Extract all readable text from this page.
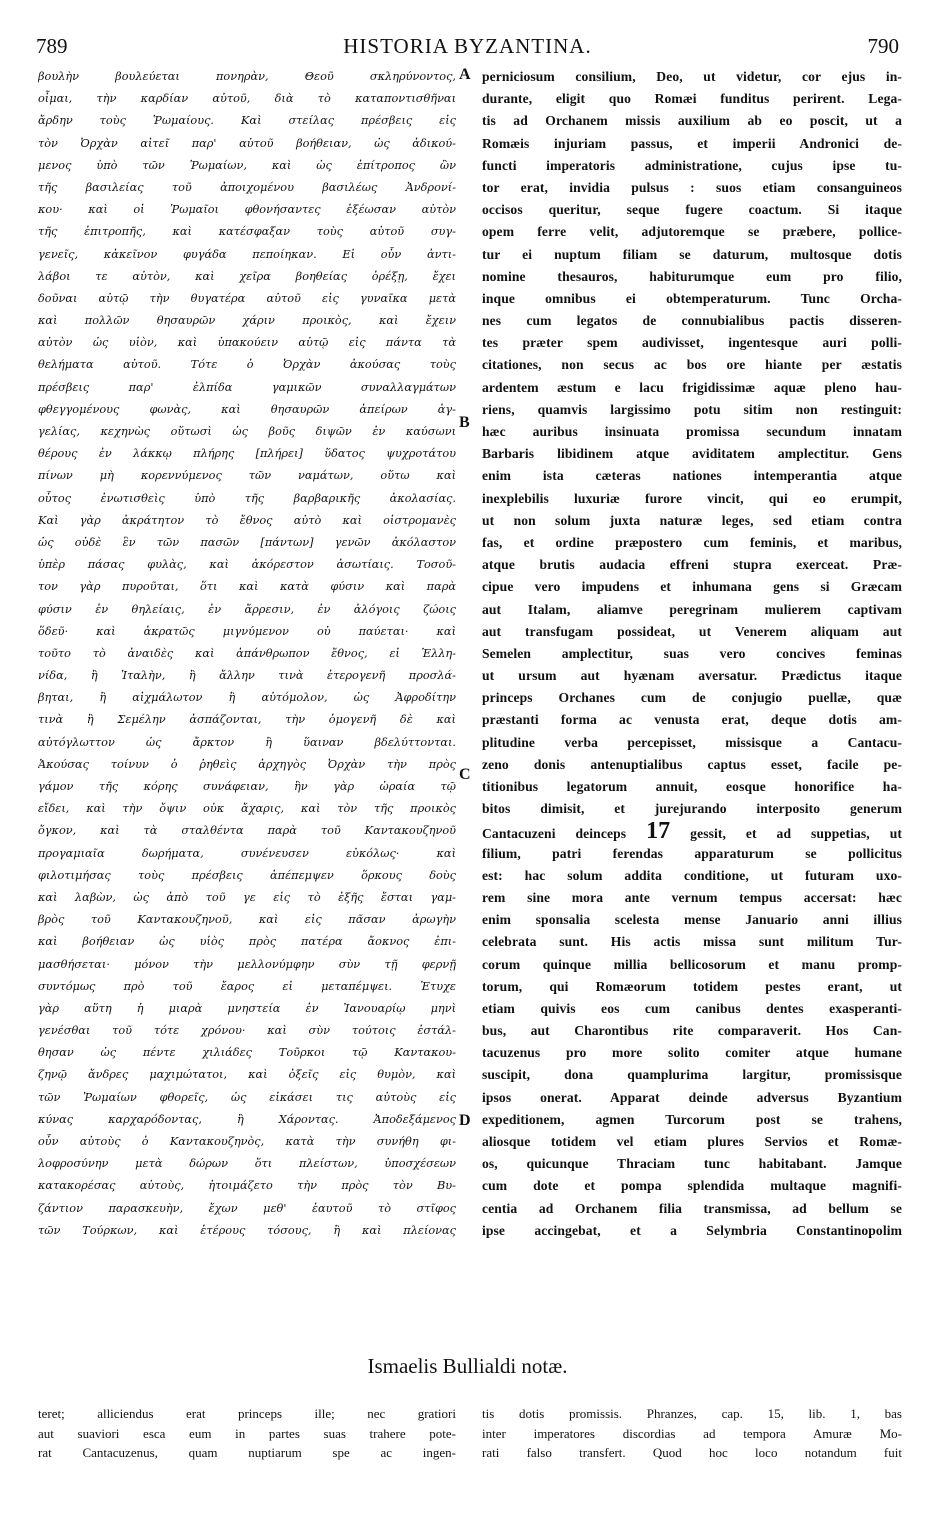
789	HISTORIA BYZANTINA.	790
βουλὴν βουλεύεται πονηρὰν, Θεοῦ σκληρύνοντος,
οἶμαι, τὴν καρδίαν αὐτοῦ, διὰ τὸ καταποντισθῆναι
ἄρδην τοὺς Ῥωμαίους. Καὶ στείλας πρέσβεις εἰς
τὸν Ὀρχὰν αἰτεῖ παρ' αὐτοῦ βοήθειαν, ὡς ἀδικού-
μενος ὑπὸ τῶν Ῥωμαίων, καὶ ὡς ἐπίτροπος ὢν
τῆς βασιλείας τοῦ ἀποιχομένου βασιλέως Ἀνδρονί-
κου· καὶ οἱ Ῥωμαῖοι φθονήσαντες ἐξέωσαν αὐτὸν
τῆς ἐπιτροπῆς, καὶ κατέσφαξαν τοὺς αὐτοῦ συγ-
γενεῖς, κἀκεῖνον φυγάδα πεποίηκαν. Εἰ οὖν ἀντι-
λάβοι τε αὐτὸν, καὶ χεῖρα βοηθείας ὀρέξῃ, ἔχει
δοῦναι αὐτῷ τὴν θυγατέρα αὐτοῦ εἰς γυναῖκα μετὰ
καὶ πολλῶν θησαυρῶν χάριν προικὸς, καὶ ἔχειν
αὐτὸν ὡς υἱὸν, καὶ ὑπακούειν αὐτῷ εἰς πάντα τὰ
θελήματα αὐτοῦ. Τότε ὁ Ὀρχὰν ἀκούσας τοὺς
πρέσβεις παρ' ἐλπίδα γαμικῶν συναλλαγμάτων
φθεγγομένους φωνὰς, καὶ θησαυρῶν ἀπείρων ἀγ-
γελίας, κεχηνὼς οὕτωσὶ ὡς βοῦς διψῶν ἐν καύσωνι
θέρους ἐν λάκκῳ πλήρης [πλήρει] ὕδατος ψυχροτάτου
πίνων μὴ κορεννύμενος τῶν ναμάτων, οὕτω καὶ
οὗτος ἐνωτισθεὶς ὑπὸ τῆς βαρβαρικῆς ἀκολασίας.
Καὶ γὰρ ἀκράτητον τὸ ἔθνος αὐτὸ καὶ οἰστρομανὲς
ὡς οὐδὲ ἓν τῶν πασῶν [πάντων] γενῶν ἀκόλαστον
ὑπὲρ πάσας φυλὰς, καὶ ἀκόρεστον ἀσωτίαις. Τοσοῦ-
τον γὰρ πυροῦται, ὅτι καὶ κατὰ φύσιν καὶ παρὰ
φύσιν ἐν θηλείαις, ἐν ἄρρεσιν, ἐν ἀλόγοις ζώοις
ὅδεῦ· καὶ ἀκρατῶς μιγνύμενον οὐ παύεται· καὶ
τοῦτο τὸ ἀναιδὲς καὶ ἀπάνθρωπον ἔθνος, εἰ Ἑλλη-
νίδα, ἢ Ἰταλὴν, ἢ ἄλλην τινὰ ἑτερογενῆ προσλά-
βηται, ἢ αἰχμάλωτον ἢ αὐτόμολον, ὡς Ἀφροδίτην
τινὰ ἢ Σεμέλην ἀσπάζονται, τὴν ὁμογενῆ δὲ καὶ
αὐτόγλωττον ὡς ἄρκτον ἢ ὕαιναν βδελύττονται.
Ἀκούσας τοίνυν ὁ ῥηθεὶς ἀρχηγὸς Ὀρχὰν τὴν πρὸς
γάμον τῆς κόρης συνάφειαν, ἣν γὰρ ὡραία τῷ
εἴδει, καὶ τὴν ὄψιν οὐκ ἄχαρις, καὶ τὸν τῆς προικὸς
ὄγκον, καὶ τὰ σταλθέντα παρὰ τοῦ Καντακουζηνοῦ
προγαμιαῖα δωρήματα, συνένευσεν εὐκόλως· καὶ
φιλοτιμήσας τοὺς πρέσβεις ἀπέπεμψεν ὅρκους δοὺς
καὶ λαβὼν, ὡς ἀπὸ τοῦ γε εἰς τὸ ἑξῆς ἔσται γαμ-
βρὸς τοῦ Καντακουζηνοῦ, καὶ εἰς πᾶσαν ἀρωγὴν
καὶ βοήθειαν ὡς υἱὸς πρὸς πατέρα ἄοκνος ἐπι-
μασθήσεται· μόνον τὴν μελλονύμφην σὺν τῇ φερνῇ
συντόμως πρὸ τοῦ ἔαρος εἰ μεταπέμψει. Ἐτυχε
γὰρ αὕτη ἡ μιαρὰ μνηστεία ἐν Ἰανουαρίῳ μηνὶ
γενέσθαι τοῦ τότε χρόνου· καὶ σὺν τούτοις ἐστάλ-
θησαν ὡς πέντε χιλιάδες Τοῦρκοι τῷ Καντακου-
ζηνῷ ἄνδρες μαχιμώτατοι, καὶ ὀξεῖς εἰς θυμὸν, καὶ
τῶν Ῥωμαίων φθορεῖς, ὡς εἰκάσει τις αὐτοὺς εἰς
κύνας καρχαρόδοντας, ἢ Χάροντας. Ἀποδεξάμενος
οὖν αὐτοὺς ὁ Καντακουζηνὸς, κατὰ τὴν συνήθη φι-
λοφροσύνην μετὰ δώρων ὅτι πλείστων, ὑποσχέσεων
κατακορέσας αὐτοὺς, ἡτοιμάζετο τὴν πρὸς τὸν Βυ-
ζάντιον παρασκευὴν, ἔχων μεθ' ἑαυτοῦ τὸ στῖφος
τῶν Τούρκων, καὶ ἑτέρους τόσους, ἢ καὶ πλείονας
A
B
C
D
perniciosum consilium, Deo, ut videtur, cor ejus in-
durante, eligit quo Romæi funditus perirent. Lega-
tis ad Orchanem missis auxilium ab eo poscit, ut a
Romæis injuriam passus, et imperii Andronici de-
functi imperatoris administratione, cujus ipse tu-
tor erat, invidia pulsus : suos etiam consanguineos
occisos queritur, seque fugere coactum. Si itaque
opem ferre velit, adjutoremque se præbere, pollice-
tur ei nuptum filiam se daturum, multosque dotis
nomine thesauros, habiturumque eum pro filio,
inque omnibus ei obtemperaturum. Tunc Orcha-
nes cum legatos de connubialibus pactis disseren-
tes præter spem audivisset, ingentesque auri polli-
citationes, non secus ac bos ore hiante per æstatis
ardentem æstum e lacu frigidissimæ aquæ pleno hau-
riens, quamvis largissimo potu sitim non restinguit:
hæc auribus insinuata promissa secundum innatam
Barbaris libidinem atque aviditatem amplectitur. Gens
enim ista cæteras nationes intemperantia atque
inexplebilis luxuriæ furore vincit, qui eo erumpit,
ut non solum juxta naturæ leges, sed etiam contra
fas, et ordine præpostero cum feminis, et maribus,
atque brutis audacia effreni stupra exerceat. Præ-
cipue vero impudens et inhumana gens si Græcam
aut Italam, aliamve peregrinam mulierem captivam
aut transfugam possideat, ut Venerem aliquam aut
Semelen amplectitur, suas vero concives feminas
ut ursum aut hyænam aversatur. Prædictus itaque
princeps Orchanes cum de conjugio puellæ, quæ
præstanti forma ac venusta erat, deque dotis am-
plitudine verba percepisset, missisque a Cantacu-
zeno donis antenuptialibus captus esset, facile pe-
titionibus legatorum annuit, eosque honorifice ha-
bitos dimisit, et jurejurando interposito generum
Cantacuzeni deinceps 17 gessit, et ad suppetias, ut
filium, patri ferendas apparaturum se pollicitus
est: hac solum addita conditione, ut futuram uxo-
rem sine mora ante vernum tempus accersat: hæc
enim sponsalia scelesta mense Januario anni illius
celebrata sunt. His actis missa sunt militum Tur-
corum quinque millia bellicosorum et manu promp-
torum, qui Romæorum totidem pestes erant, ut
etiam quivis eos cum canibus dentes exasperanti-
bus, aut Charontibus rite comparaverit. Hos Can-
tacuzenus pro more solito comiter atque humane
suscipit, dona quamplurima largitur, promissisque
ipsos onerat. Apparat deinde adversus Byzantium
expeditionem, agmen Turcorum post se trahens,
aliosque totidem vel etiam plures Servios et Romæ-
os, quicunque Thraciam tunc habitabant. Jamque
cum dote et pompa splendida multaque magnifi-
centia ad Orchanem filia transmissa, ad bellum se
ipse accingebat, et a Selymbria Constantinopolim
Ismaelis Bullialdi notæ.
teret; alliciendus erat princeps ille; nec gratiori
aut suaviori esca eum in partes suas trahere pote-
rat Cantacuzenus, quam nuptiarum spe ac ingen-
tis dotis promissis. Phranzes, cap. 15, lib. 1, bas
inter imperatores discordias ad tempora Amuræ Mo-
rati falso transfert. Quod hoc loco notandum fuit
